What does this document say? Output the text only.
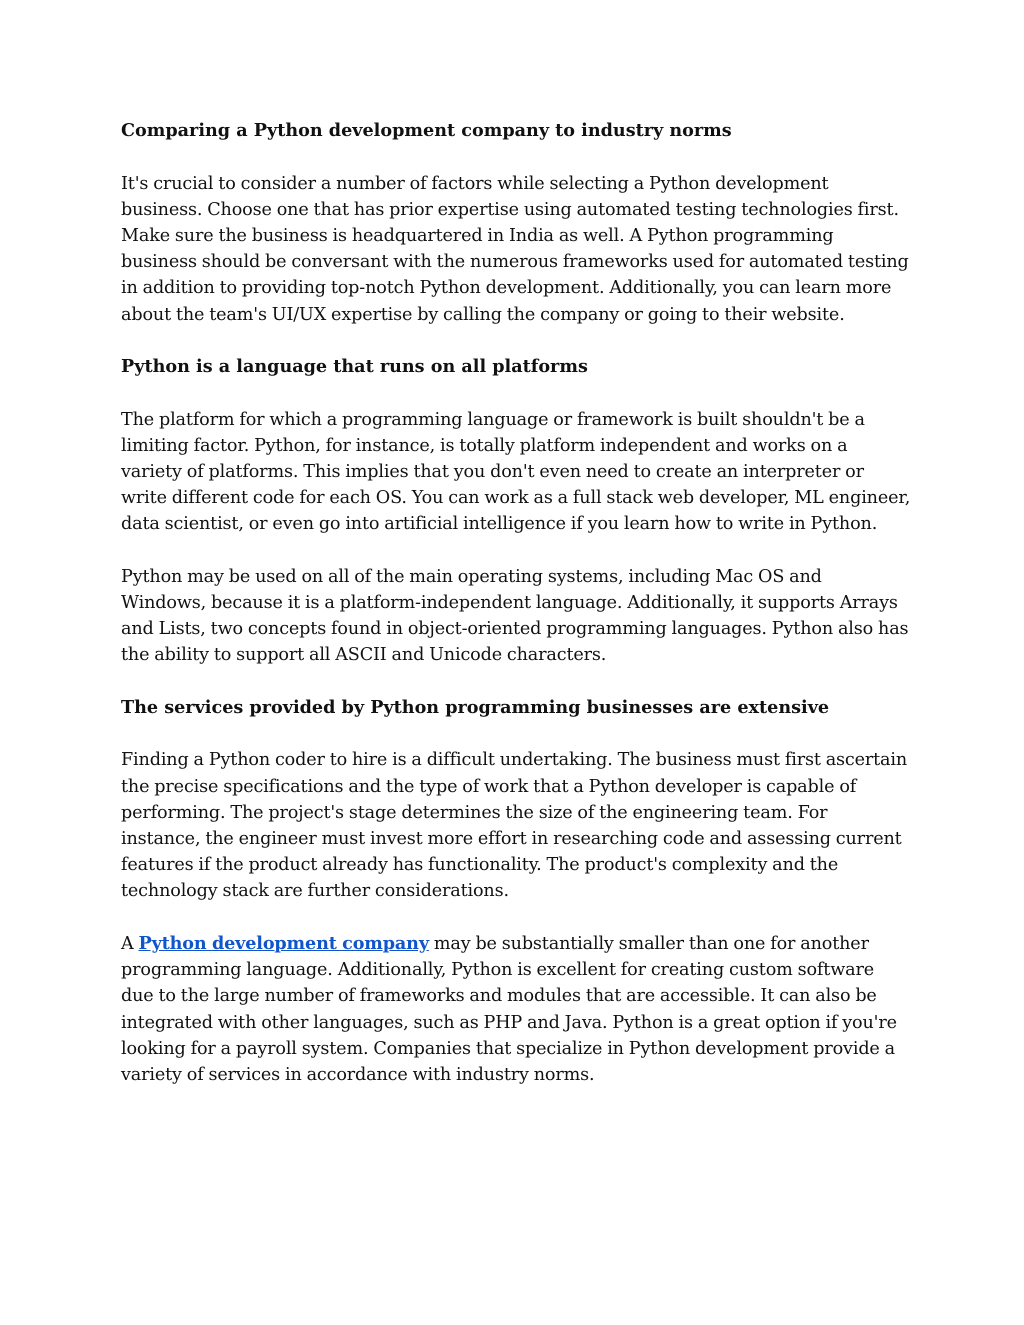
Comparing a Python development company to industry norms
It's crucial to consider a number of factors while selecting a Python development business. Choose one that has prior expertise using automated testing technologies first. Make sure the business is headquartered in India as well. A Python programming business should be conversant with the numerous frameworks used for automated testing in addition to providing top-notch Python development. Additionally, you can learn more about the team's UI/UX expertise by calling the company or going to their website.
Python is a language that runs on all platforms
The platform for which a programming language or framework is built shouldn't be a limiting factor. Python, for instance, is totally platform independent and works on a variety of platforms. This implies that you don't even need to create an interpreter or write different code for each OS. You can work as a full stack web developer, ML engineer, data scientist, or even go into artificial intelligence if you learn how to write in Python.
Python may be used on all of the main operating systems, including Mac OS and Windows, because it is a platform-independent language. Additionally, it supports Arrays and Lists, two concepts found in object-oriented programming languages. Python also has the ability to support all ASCII and Unicode characters.
The services provided by Python programming businesses are extensive
Finding a Python coder to hire is a difficult undertaking. The business must first ascertain the precise specifications and the type of work that a Python developer is capable of performing. The project's stage determines the size of the engineering team. For instance, the engineer must invest more effort in researching code and assessing current features if the product already has functionality. The product's complexity and the technology stack are further considerations.
A Python development company may be substantially smaller than one for another programming language. Additionally, Python is excellent for creating custom software due to the large number of frameworks and modules that are accessible. It can also be integrated with other languages, such as PHP and Java. Python is a great option if you're looking for a payroll system. Companies that specialize in Python development provide a variety of services in accordance with industry norms.
